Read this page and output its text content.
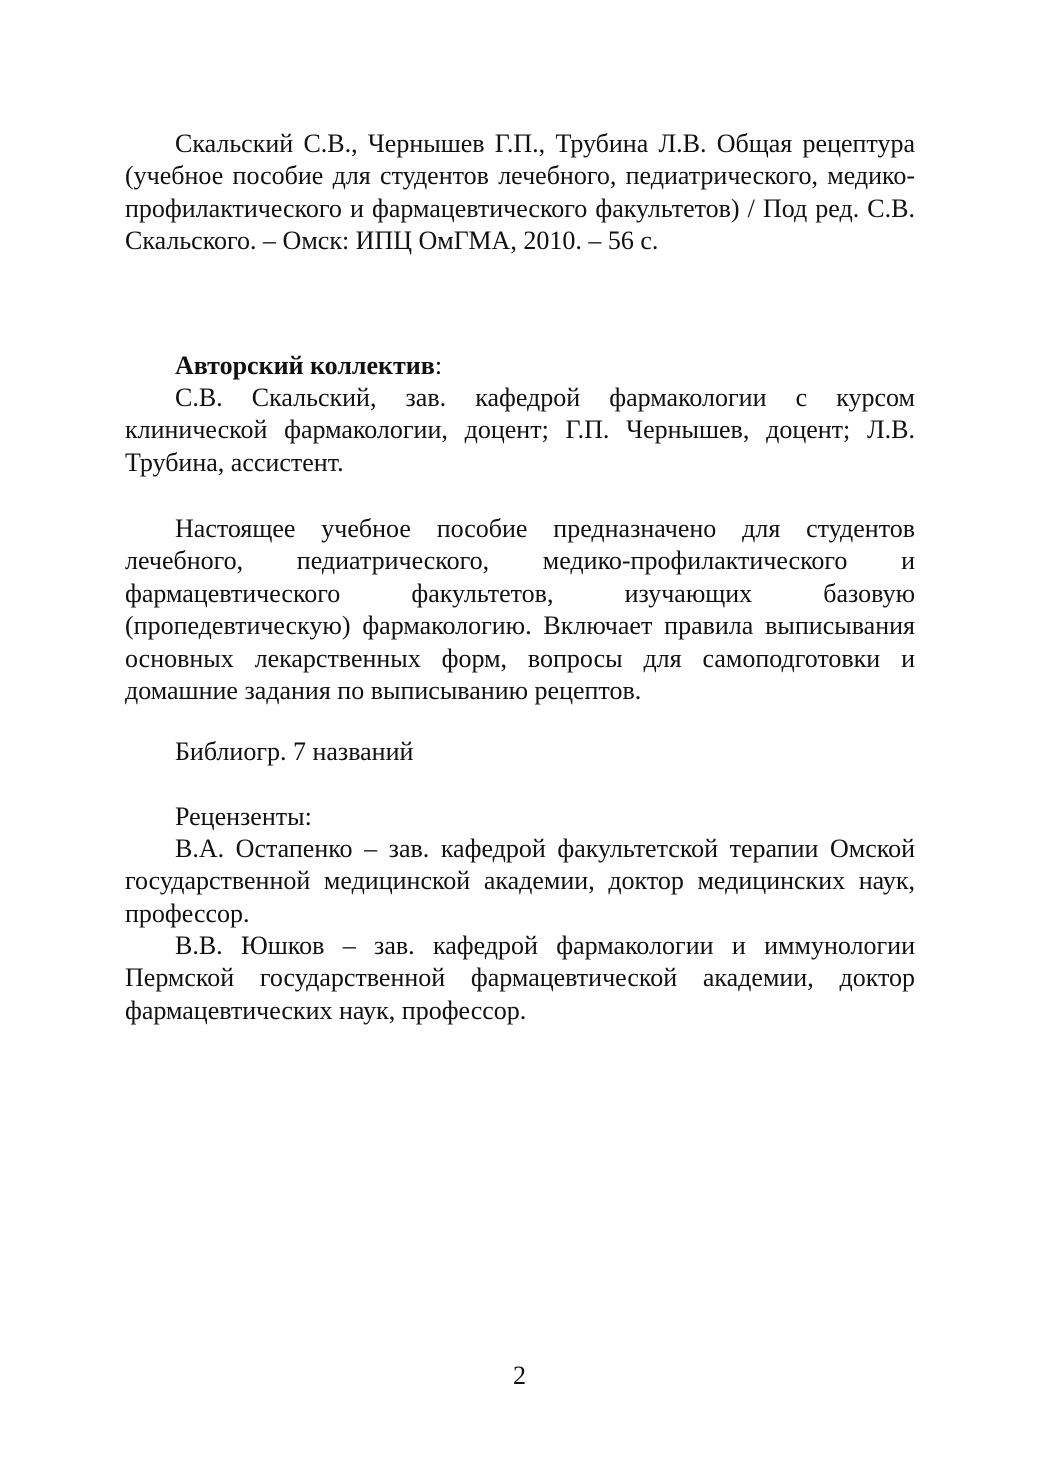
Скальский С.В., Чернышев Г.П., Трубина Л.В. Общая рецептура (учебное пособие для студентов лечебного, педиатрического, медико-профилактического и фармацевтического факультетов) / Под ред. С.В. Скальского. – Омск: ИПЦ ОмГМА, 2010. – 56 с.

Авторский коллектив:

С.В. Скальский, зав. кафедрой фармакологии с курсом клинической фармакологии, доцент; Г.П. Чернышев, доцент; Л.В. Трубина, ассистент.

Настоящее учебное пособие предназначено для студентов лечебного, педиатрического, медико-профилактического и фармацевтического факультетов, изучающих базовую (пропедевтическую) фармакологию. Включает правила выписывания основных лекарственных форм, вопросы для самоподготовки и домашние задания по выписыванию рецептов.

Библиогр. 7 названий

Рецензенты:

В.А. Остапенко – зав. кафедрой факультетской терапии Омской государственной медицинской академии, доктор медицинских наук, профессор.

В.В. Юшков – зав. кафедрой фармакологии и иммунологии Пермской государственной фармацевтической академии, доктор фармацевтических наук, профессор.

2
